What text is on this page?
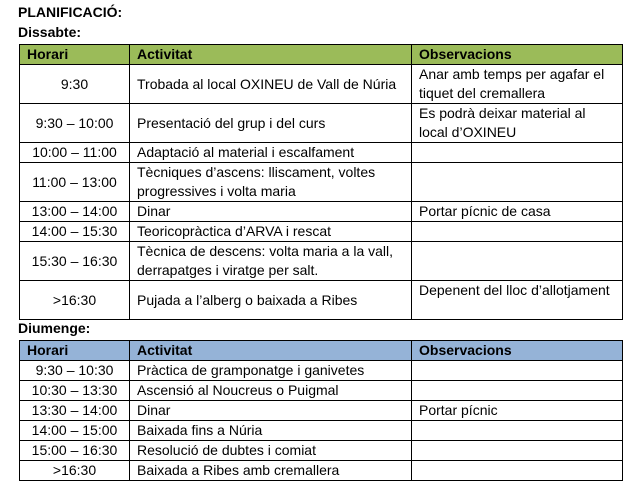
PLANIFICACIÓ:
Dissabte:
Horari	Activitat	Observacions
9:30	Trobada al local OXINEU de Vall de Núria	Anar amb temps per agafar el tiquet del cremallera
9:30 – 10:00	Presentació del grup i del curs	Es podrà deixar material al local d’OXINEU
10:00 – 11:00	Adaptació al material i escalfament	
11:00 – 13:00	Tècniques d’ascens: lliscament, voltes progressives i volta maria	
13:00 – 14:00	Dinar	Portar pícnic de casa
14:00 – 15:30	Teoricopràctica d’ARVA i rescat	
15:30 – 16:30	Tècnica de descens: volta maria a la vall, derrapatges i viratge per salt.	
>16:30	Pujada a l’alberg o baixada a Ribes	Depenent del lloc d’allotjament
Diumenge:
Horari	Activitat	Observacions
9:30 – 10:30	Pràctica de gramponatge i ganivetes	
10:30 – 13:30	Ascensió al Noucreus o Puigmal	
13:30 – 14:00	Dinar	Portar pícnic
14:00 – 15:00	Baixada fins a Núria	
15:00 – 16:30	Resolució de dubtes i comiat	
>16:30	Baixada a Ribes amb cremallera	
